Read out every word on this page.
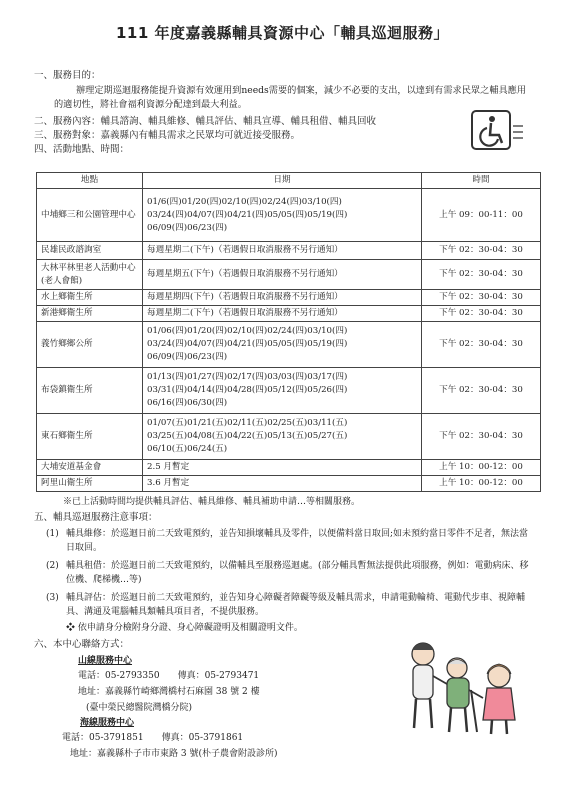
111 年度嘉義縣輔具資源中心「輔具巡迴服務」
一、服務目的：
辦理定期巡迴服務能提升資源有效運用到needs需要的個案，減少不必要的支出，以達到有需求民眾之輔具應用的適切性，將社會福利資源分配達到最大利益。
二、服務內容：輔具諮詢、輔具維修、輔具評估、輔具宣導、輔具租借、輔具回收
三、服務對象：嘉義縣內有輔具需求之民眾均可就近接受服務。
四、活動地點、時間：
地點	日期	時間
中埔鄉三和公園管理中心	01/6(四)01/20(四)02/10(四)02/24(四)03/10(四) 03/24(四)04/07(四)04/21(四)05/05(四)05/19(四) 06/09(四)06/23(四)	上午 09：00-11：00
民雄民政諮詢室	每週星期二(下午)（若遇假日取消服務不另行通知）	下午 02：30-04：30
大林平林里老人活動中心(老人會館)	每週星期五(下午)（若遇假日取消服務不另行通知）	下午 02：30-04：30
水上鄉衛生所	每週星期四(下午)（若遇假日取消服務不另行通知）	下午 02：30-04：30
新港鄉衛生所	每週星期二(下午)（若遇假日取消服務不另行通知）	下午 02：30-04：30
義竹鄉鄉公所	01/06(四)01/20(四)02/10(四)02/24(四)03/10(四) 03/24(四)04/07(四)04/21(四)05/05(四)05/19(四) 06/09(四)06/23(四)	下午 02：30-04：30
布袋鎮衛生所	01/13(四)01/27(四)02/17(四)03/03(四)03/17(四) 03/31(四)04/14(四)04/28(四)05/12(四)05/26(四) 06/16(四)06/30(四)	下午 02：30-04：30
東石鄉衛生所	01/07(五)01/21(五)02/11(五)02/25(五)03/11(五) 03/25(五)04/08(五)04/22(五)05/13(五)05/27(五) 06/10(五)06/24(五)	下午 02：30-04：30
大埔安道基金會	2.5 月暫定	上午 10：00-12：00
阿里山衛生所	3.6 月暫定	上午 10：00-12：00
※已上活動時間均提供輔具評估、輔具維修、輔具補助申請…等相關服務。
五、輔具巡迴服務注意事項：
(1) 輔具維修：於巡迴日前二天致電預約，並告知損壞輔具及零件，以便備料當日取回;如未預約當日零件不足者，無法當日取回。
(2) 輔具租借：於巡迴日前二天致電預約，以備輔具至服務巡迴處。(部分輔具暫無法提供此項服務，例如：電動病床、移位機、爬梯機…等)
(3) 輔具評估：於巡迴日前二天致電預約，並告知身心障礙者障礙等級及輔具需求，申請電動輪椅、電動代步車、視障輔具、溝通及電腦輔具類輔具項目者，不提供服務。
❖ 依申請身分檢附身分證、身心障礙證明及相關證明文件。
六、本中心聯絡方式：
山線服務中心
電話：05-2793350　　傳真：05-2793471
地址：嘉義縣竹崎鄉灣橋村石麻園 38 號 2 樓
(臺中榮民總醫院灣橋分院)
海線服務中心
電話：05-3791851　　傳真：05-3791861
地址：嘉義縣朴子市市東路 3 號(朴子農會附設診所)
